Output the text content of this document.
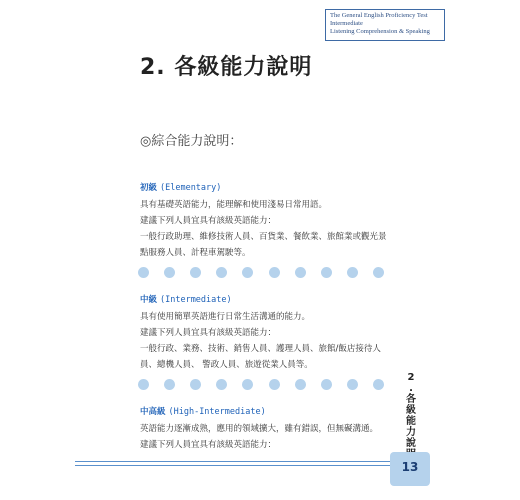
The General English Proficiency Test
Intermediate
Listening Comprehension & Speaking
2. 各級能力說明
◎綜合能力說明：
初級 (Elementary)
具有基礎英語能力，能理解和使用淺易日常用語。
建議下列人員宜具有該級英語能力：
一般行政助理、維修技術人員、百貨業、餐飲業、旅館業或觀光景
點服務人員、計程車駕駛等。
中級 (Intermediate)
具有使用簡單英語進行日常生活溝通的能力。
建議下列人員宜具有該級英語能力：
一般行政、業務、技術、銷售人員、護理人員、旅館/飯店接待人
員、總機人員、 警政人員、旅遊從業人員等。
中高級 (High-Intermediate)
英語能力逐漸成熟，應用的領域擴大，雖有錯誤，但無礙溝通。
建議下列人員宜具有該級英語能力：
2
.
各
級
能
力
說
13
